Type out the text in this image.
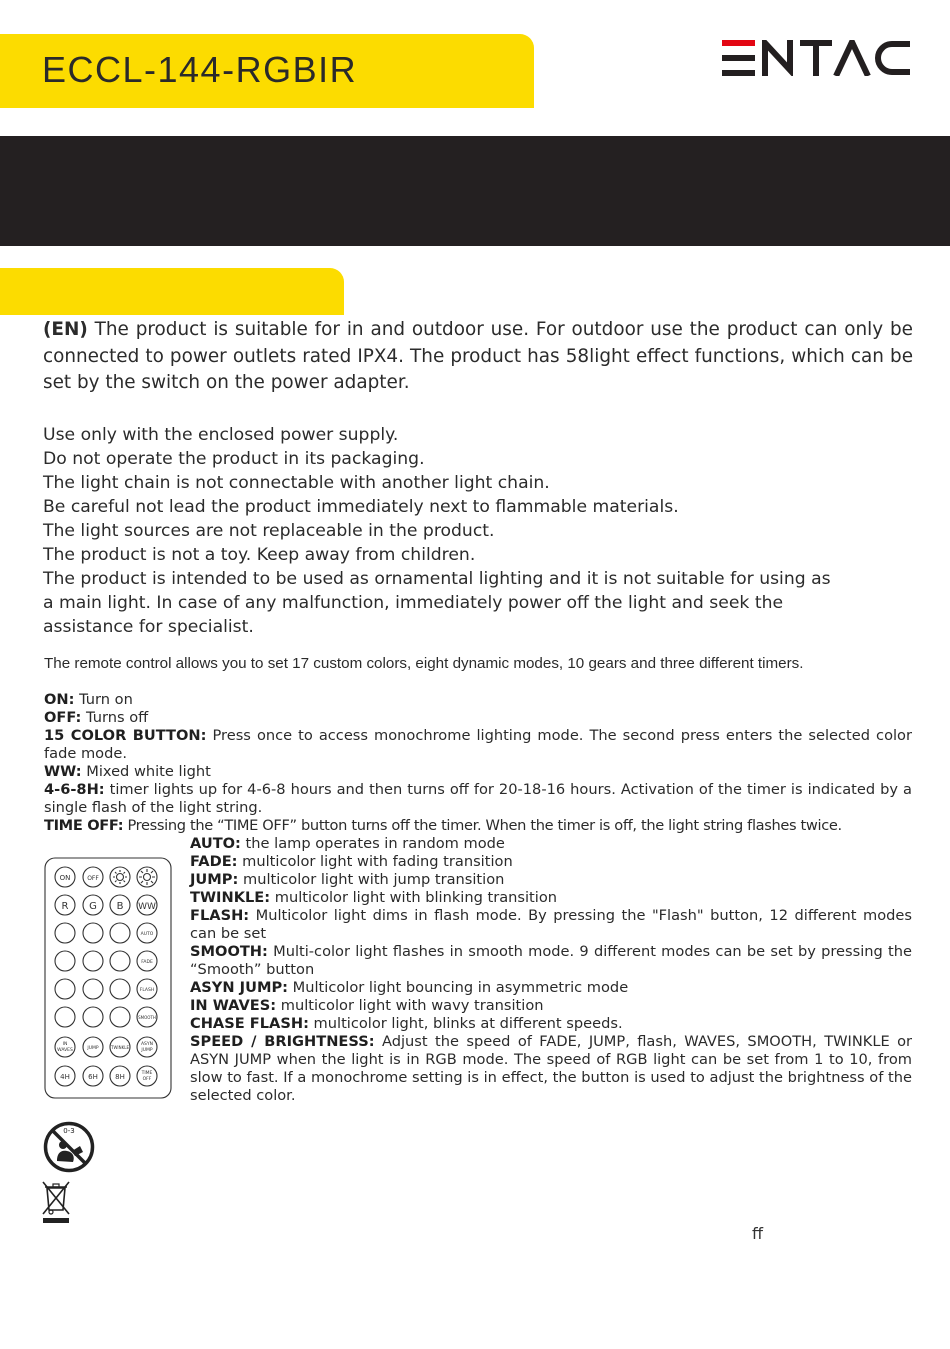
ECCL-144-RGBIR
(EN) The product is suitable for in and outdoor use. For outdoor use the product can only be connected to power outlets rated IPX4. The product has 58light effect functions, which can be set by the switch on the power adapter.
Use only with the enclosed power supply.
Do not operate the product in its packaging.
The light chain is not connectable with another light chain.
Be careful not lead the product immediately next to flammable materials.
The light sources are not replaceable in the product.
The product is not a toy. Keep away from children.
The product is intended to be used as ornamental lighting and it is not suitable for using as
a main light. In case of any malfunction, immediately power off the light and seek the
assistance for specialist.
The remote control allows you to set 17 custom colors, eight dynamic modes, 10 gears and three different timers.
ON: Turn on
OFF: Turns off
15 COLOR BUTTON: Press once to access monochrome lighting mode. The second press enters the selected color fade mode.
WW: Mixed white light
4-6-8H: timer lights up for 4-6-8 hours and then turns off for 20-18-16 hours. Activation of the timer is indicated by a single flash of the light string.
TIME OFF: Pressing the “TIME OFF” button turns off the timer. When the timer is off, the light string flashes twice.
AUTO: the lamp operates in random mode
FADE: multicolor light with fading transition
JUMP: multicolor light with jump transition
TWINKLE: multicolor light with blinking transition
FLASH: Multicolor light dims in flash mode. By pressing the "Flash" button, 12 different modes can be set
SMOOTH: Multi-color light flashes in smooth mode. 9 different modes can be set by pressing the “Smooth” button
ASYN JUMP: Multicolor light bouncing in asymmetric mode
IN WAVES: multicolor light with wavy transition
CHASE FLASH: multicolor light, blinks at different speeds.
SPEED / BRIGHTNESS: Adjust the speed of FADE, JUMP, flash, WAVES, SMOOTH, TWINKLE or ASYN JUMP when the light is in RGB mode. The speed of RGB light can be set from 1 to 10, from slow to fast. If a monochrome setting is in effect, the button is used to adjust the brightness of the selected color.
ON	OFF
R G B WW
AUTO
FADE
FLASH
SMOOTH
IN
WAVES	JUMP	TWINKLE
ASYN
JUMP
4H	6H 8H	TIME
OFF
0-3
ff
